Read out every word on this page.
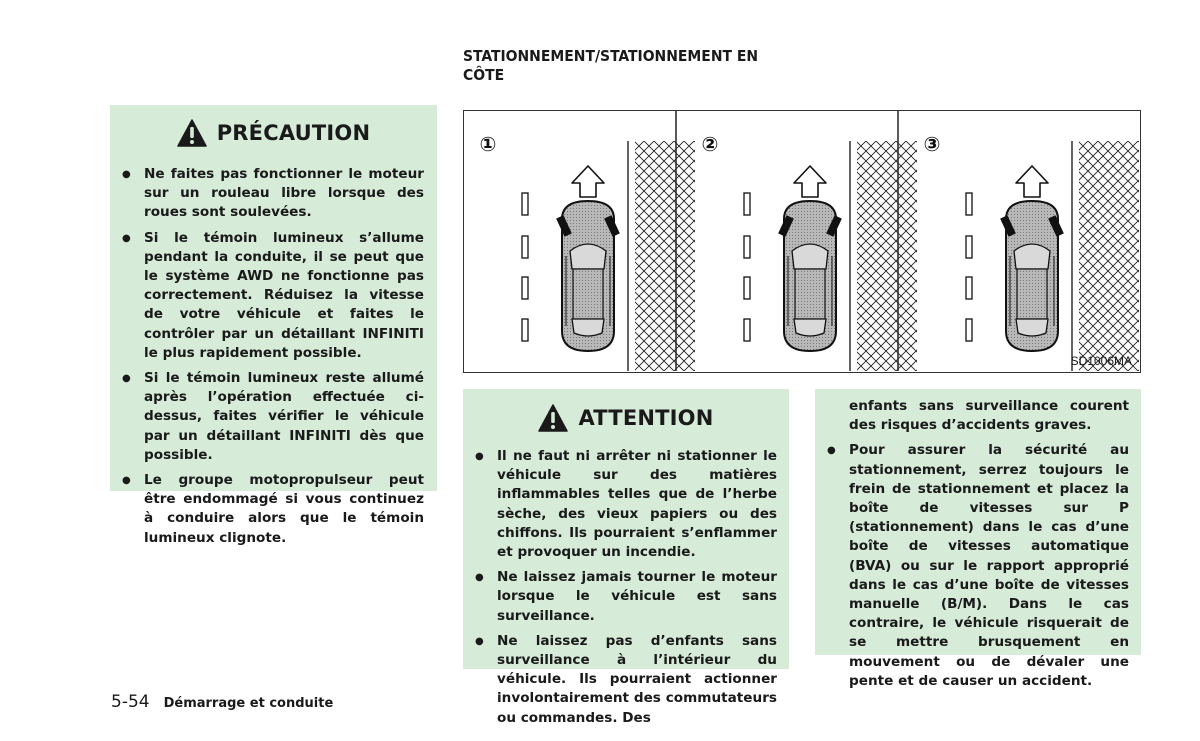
PRÉCAUTION
● Ne faites pas fonctionner le moteur sur un rouleau libre lorsque des roues sont soulevées.
● Si le témoin lumineux s’allume pendant la conduite, il se peut que le système AWD ne fonctionne pas correctement. Réduisez la vitesse de votre véhicule et faites le contrôler par un détaillant INFINITI le plus rapidement possible.
● Si le témoin lumineux reste allumé après l’opération effectuée ci-dessus, faites vérifier le véhicule par un détaillant INFINITI dès que possible.
● Le groupe motopropulseur peut être endommagé si vous continuez à conduire alors que le témoin lumineux clignote.
STATIONNEMENT/STATIONNEMENT EN CÔTE
①	②	③
SD1006MA
ATTENTION
● Il ne faut ni arrêter ni stationner le véhicule sur des matières inflammables telles que de l’herbe sèche, des vieux papiers ou des chiffons. Ils pourraient s’enflammer et provoquer un incendie.
● Ne laissez jamais tourner le moteur lorsque le véhicule est sans surveillance.
● Ne laissez pas d’enfants sans surveillance à l’intérieur du véhicule. Ils pourraient actionner involontairement des commutateurs ou commandes. Des
enfants sans surveillance courent des risques d’accidents graves.
● Pour assurer la sécurité au stationnement, serrez toujours le frein de stationnement et placez la boîte de vitesses sur P (stationnement) dans le cas d’une boîte de vitesses automatique (BVA) ou sur le rapport approprié dans le cas d’une boîte de vitesses manuelle (B/M). Dans le cas contraire, le véhicule risquerait de se mettre brusquement en mouvement ou de dévaler une pente et de causer un accident.
5-54 Démarrage et conduite
